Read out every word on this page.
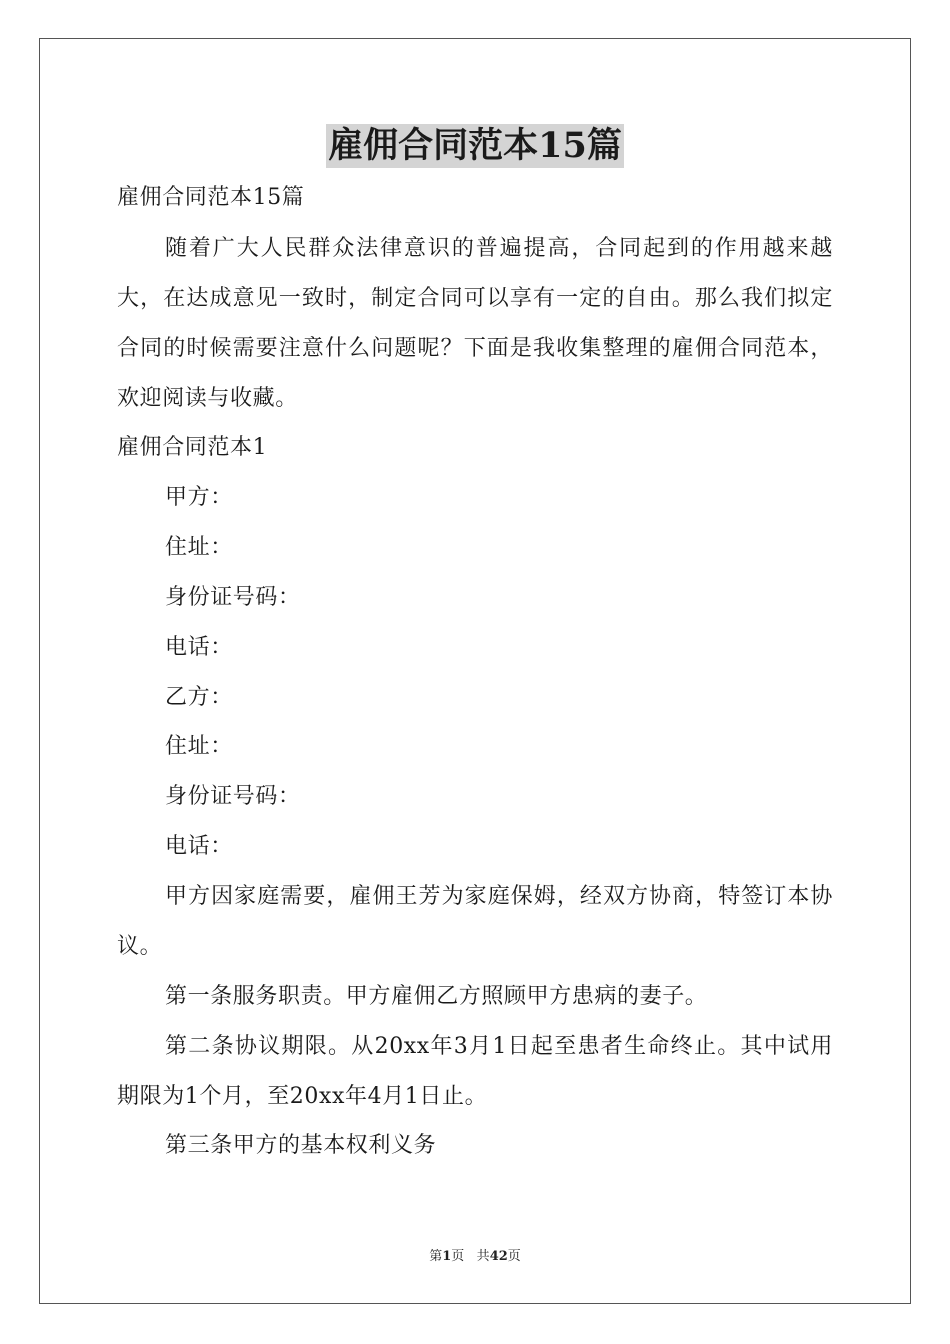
雇佣合同范本15篇
雇佣合同范本15篇
随着广大人民群众法律意识的普遍提高，合同起到的作用越来越大，在达成意见一致时，制定合同可以享有一定的自由。那么我们拟定合同的时候需要注意什么问题呢？下面是我收集整理的雇佣合同范本，欢迎阅读与收藏。
雇佣合同范本1
甲方：
住址：
身份证号码：
电话：
乙方：
住址：
身份证号码：
电话：
甲方因家庭需要，雇佣王芳为家庭保姆，经双方协商，特签订本协议。
第一条服务职责。甲方雇佣乙方照顾甲方患病的妻子。
第二条协议期限。从20xx年3月1日起至患者生命终止。其中试用期限为1个月，至20xx年4月1日止。
第三条甲方的基本权利义务
第1页 共42页
